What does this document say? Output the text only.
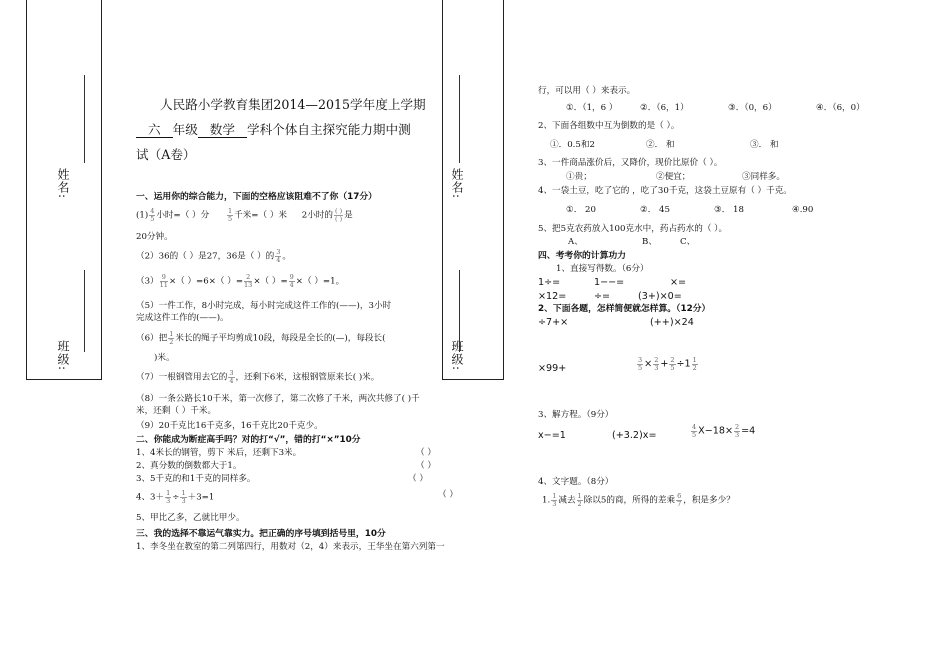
姓名:
班级:
姓名:
班级:
人民路小学教育集团2014—2015学年度上学期
六 年级 数学 学科个体自主探究能力期中测
试（A卷）
一、运用你的综合能力，下面的空格应该阻难不了你（17分）
$(1) \frac{4}{5}$ 小时=（ ）分	$\frac{1}{5}$ 千米=（ ）米 2小时的 ( )
( ) 是
20分钟。
（2）36的（ ）是27，36是（ ）的 $\frac{3}{4}$ 。
$(3) \frac{9}{11}$ ×（ ）=6×（ ）= $\frac{2}{13}$ ×（ ）= $\frac{9}{4}$ ×（ ）=1。
（5）一件工作，8小时完成，每小时完成这件工作的(——)，3小时
完成这件工作的(——)。
（6）把 $\frac{1}{2}$ 米长的绳子平均剪成10段，每段是全长的(—)，每段长(
)米。
（7）一根钢管用去它的 $\frac{3}{4}$ ，还剩下6米，这根钢管原来长( )米。
（8）一条公路长10千米，第一次修了，第二次修了千米，两次共修了( )千
米，还剩（ ）千米。
（9）20千克比16千克多，16千克比20千克少。
二、你能成为断症高手吗？对的打“√”，错的打“×”10分
1、4米长的钢管，剪下 米后，还剩下3米。	（ ）
2、真分数的倒数都大于1。	（ ）
3、5千克的和1千克的同样多。	（ ）
4、$3+ \frac{1}{3} \div \frac{1}{3} +3=1$	（ ）
5、甲比乙多，乙就比甲少。
三、我的选择不靠运气靠实力。把正确的序号填到括号里，10分
1、李冬坐在教室的第二列第四行，用数对（2，4）来表示，王华坐在第六列第一
行，可以用（ ）来表示。
①．（1，6 ）	②．（6，1）	③．（0，6）	④．（6，0）
2、下面各组数中互为倒数的是（ ）。
①．0.5和2	②． 和	③． 和
3、一件商品涨价后，又降价，现价比原价（ ）。
①贵；	②便宜；	③同样多。
4、一袋土豆，吃了它的 ，吃了30千克，这袋土豆原有（ ）千克。
①． 20	②． 45	③． 18	④.90
5、把5克农药放入100克水中，药占药水的（ ）。
A、	B、	C、
四、考考你的计算功力
1、直接写得数。（6分）
1÷=	1−−=	×=
×12=	÷=	(3+)×0=
2、下面各题，怎样简便就怎样算。（12分）
÷7+×	(++)×24
×99+	$\frac{3}{5} \times \frac{2}{3} + \frac{2}{5} \div 1 \frac{1}{2}$
3、解方程。（9分）
x−=1	(+3.2)x=	$\frac{4}{5} X-18\times \frac{2}{3} =4$
4、文字题。（8分）
1. $\frac{1}{3}$ 减去 $\frac{1}{2}$ 除以5的商，所得的差乘 $\frac{6}{7}$ ，积是多少？
